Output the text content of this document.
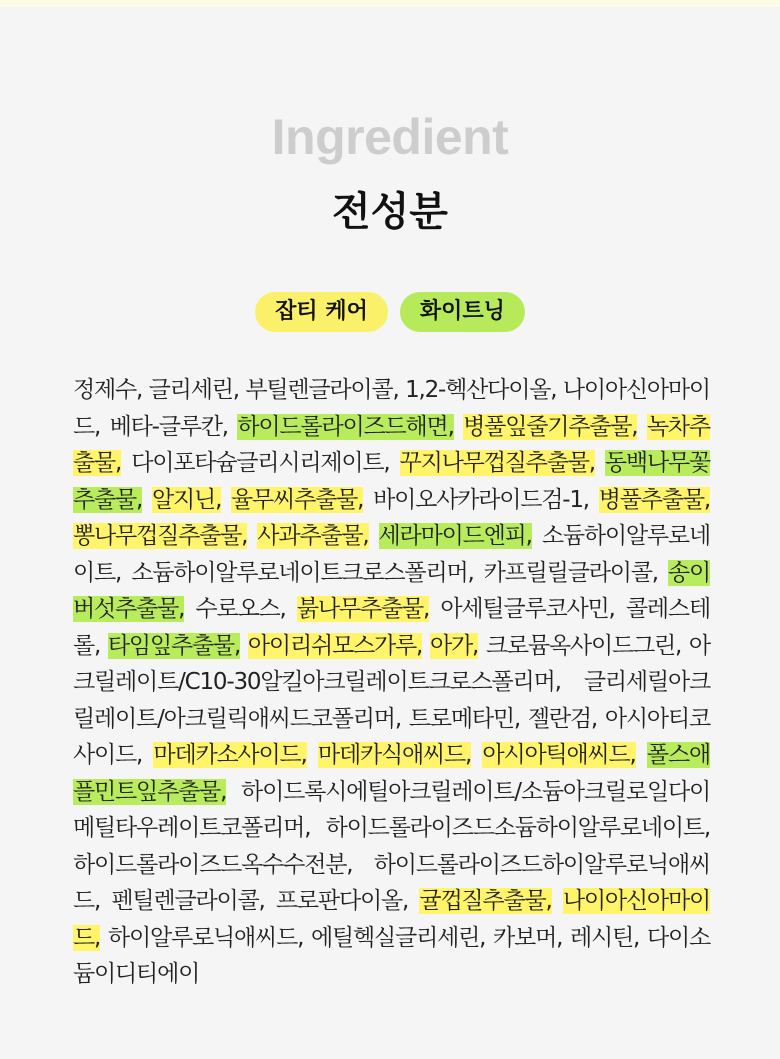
Ingredient
전성분
잡티 케어	화이트닝
정제수, 글리세린, 부틸렌글라이콜, 1,2-헥산다이올, 나이아신아마이드, 베타-글루칸, 하이드롤라이즈드해면, 병풀잎줄기추출물, 녹차추출물, 다이포타슘글리시리제이트, 꾸지나무껍질추출물, 동백나무꽃추출물, 알지닌, 율무씨추출물, 바이오사카라이드검-1, 병풀추출물, 뽕나무껍질추출물, 사과추출물, 세라마이드엔피, 소듐하이알루로네이트, 소듐하이알루로네이트크로스폴리머, 카프릴릴글라이콜, 송이버섯추출물, 수로오스, 붉나무추출물, 아세틸글루코사민, 콜레스테롤, 타임잎추출물, 아이리쉬모스가루, 아가, 크로뮴옥사이드그린, 아크릴레이트/C10-30알킬아크릴레이트크로스폴리머, 글리세릴아크릴레이트/아크릴릭애씨드코폴리머, 트로메타민, 젤란검, 아시아티코사이드, 마데카소사이드, 마데카식애씨드, 아시아틱애씨드, 폴스애플민트잎추출물, 하이드록시에틸아크릴레이트/소듐아크릴로일다이메틸타우레이트코폴리머, 하이드롤라이즈드소듐하이알루로네이트, 하이드롤라이즈드옥수수전분, 하이드롤라이즈드하이알루로닉애씨드, 펜틸렌글라이콜, 프로판다이올, 귤껍질추출물, 나이아신아마이드, 하이알루로닉애씨드, 에틸헥실글리세린, 카보머, 레시틴, 다이소듐이디티에이
